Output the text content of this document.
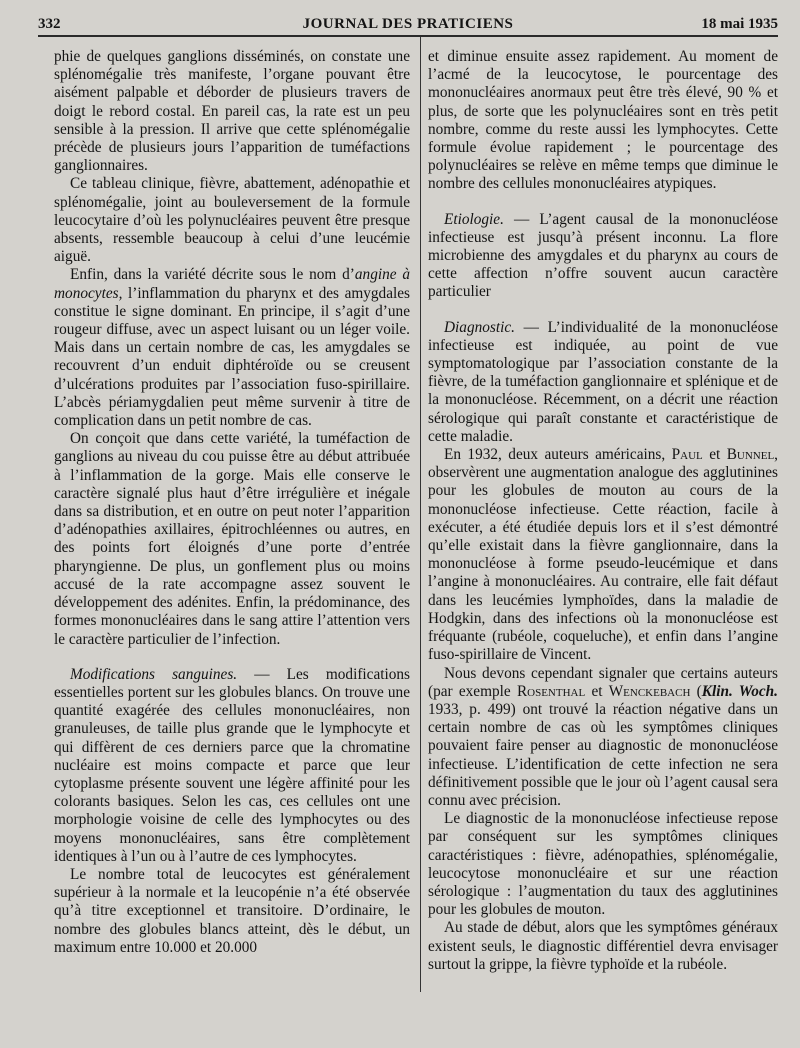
332	JOURNAL DES PRATICIENS	18 mai 1935

phie de quelques ganglions disséminés, on constate une splénomégalie très manifeste, l’organe pouvant être aisément palpable et déborder de plusieurs travers de doigt le rebord costal. En pareil cas, la rate est un peu sensible à la pression. Il arrive que cette splénomégalie précède de plusieurs jours l’apparition de tuméfactions ganglionnaires.

Ce tableau clinique, fièvre, abattement, adénopathie et splénomégalie, joint au bouleversement de la formule leucocytaire d’où les polynucléaires peuvent être presque absents, ressemble beaucoup à celui d’une leucémie aiguë.

Enfin, dans la variété décrite sous le nom d’angine à monocytes, l’inflammation du pharynx et des amygdales constitue le signe dominant. En principe, il s’agit d’une rougeur diffuse, avec un aspect luisant ou un léger voile. Mais dans un certain nombre de cas, les amygdales se recouvrent d’un enduit diphtéroïde ou se creusent d’ulcérations produites par l’association fuso-spirillaire. L’abcès périamygdalien peut même survenir à titre de complication dans un petit nombre de cas.

On conçoit que dans cette variété, la tuméfaction de ganglions au niveau du cou puisse être au début attribuée à l’inflammation de la gorge. Mais elle conserve le caractère signalé plus haut d’être irrégulière et inégale dans sa distribution, et en outre on peut noter l’apparition d’adénopathies axillaires, épitrochléennes ou autres, en des points fort éloignés d’une porte d’entrée pharyngienne. De plus, un gonflement plus ou moins accusé de la rate accompagne assez souvent le développement des adénites. Enfin, la prédominance, des formes mononucléaires dans le sang attire l’attention vers le caractère particulier de l’infection.

Modifications sanguines. — Les modifications essentielles portent sur les globules blancs. On trouve une quantité exagérée des cellules mononucléaires, non granuleuses, de taille plus grande que le lymphocyte et qui diffèrent de ces derniers parce que la chromatine nucléaire est moins compacte et parce que leur cytoplasme présente souvent une légère affinité pour les colorants basiques. Selon les cas, ces cellules ont une morphologie voisine de celle des lymphocytes ou des moyens mononucléaires, sans être complètement identiques à l’un ou à l’autre de ces lymphocytes.

Le nombre total de leucocytes est généralement supérieur à la normale et la leucopénie n’a été observée qu’à titre exceptionnel et transitoire. D’ordinaire, le nombre des globules blancs atteint, dès le début, un maximum entre 10.000 et 20.000

et diminue ensuite assez rapidement. Au moment de l’acmé de la leucocytose, le pourcentage des mononucléaires anormaux peut être très élevé, 90 % et plus, de sorte que les polynucléaires sont en très petit nombre, comme du reste aussi les lymphocytes. Cette formule évolue rapidement ; le pourcentage des polynucléaires se relève en même temps que diminue le nombre des cellules mononucléaires atypiques.

Etiologie. — L’agent causal de la mononucléose infectieuse est jusqu’à présent inconnu. La flore microbienne des amygdales et du pharynx au cours de cette affection n’offre souvent aucun caractère particulier

Diagnostic. — L’individualité de la mononucléose infectieuse est indiquée, au point de vue symptomatologique par l’association constante de la fièvre, de la tuméfaction ganglionnaire et splénique et de la mononucléose. Récemment, on a décrit une réaction sérologique qui paraît constante et caractéristique de cette maladie.

En 1932, deux auteurs américains, Paul et Bunnel, observèrent une augmentation analogue des agglutinines pour les globules de mouton au cours de la mononucléose infectieuse. Cette réaction, facile à exécuter, a été étudiée depuis lors et il s’est démontré qu’elle existait dans la fièvre ganglionnaire, dans la mononucléose à forme pseudo-leucémique et dans l’angine à mononucléaires. Au contraire, elle fait défaut dans les leucémies lymphoïdes, dans la maladie de Hodgkin, dans des infections où la mononucléose est fréquante (rubéole, coqueluche), et enfin dans l’angine fuso-spirillaire de Vincent.

Nous devons cependant signaler que certains auteurs (par exemple Rosenthal et Wenckebach (Klin. Woch. 1933, p. 499) ont trouvé la réaction négative dans un certain nombre de cas où les symptômes cliniques pouvaient faire penser au diagnostic de mononucléose infectieuse. L’identification de cette infection ne sera définitivement possible que le jour où l’agent causal sera connu avec précision.

Le diagnostic de la mononucléose infectieuse repose par conséquent sur les symptômes cliniques caractéristiques : fièvre, adénopathies, splénomégalie, leucocytose mononucléaire et sur une réaction sérologique : l’augmentation du taux des agglutinines pour les globules de mouton.

Au stade de début, alors que les symptômes généraux existent seuls, le diagnostic différentiel devra envisager surtout la grippe, la fièvre typhoïde et la rubéole.
